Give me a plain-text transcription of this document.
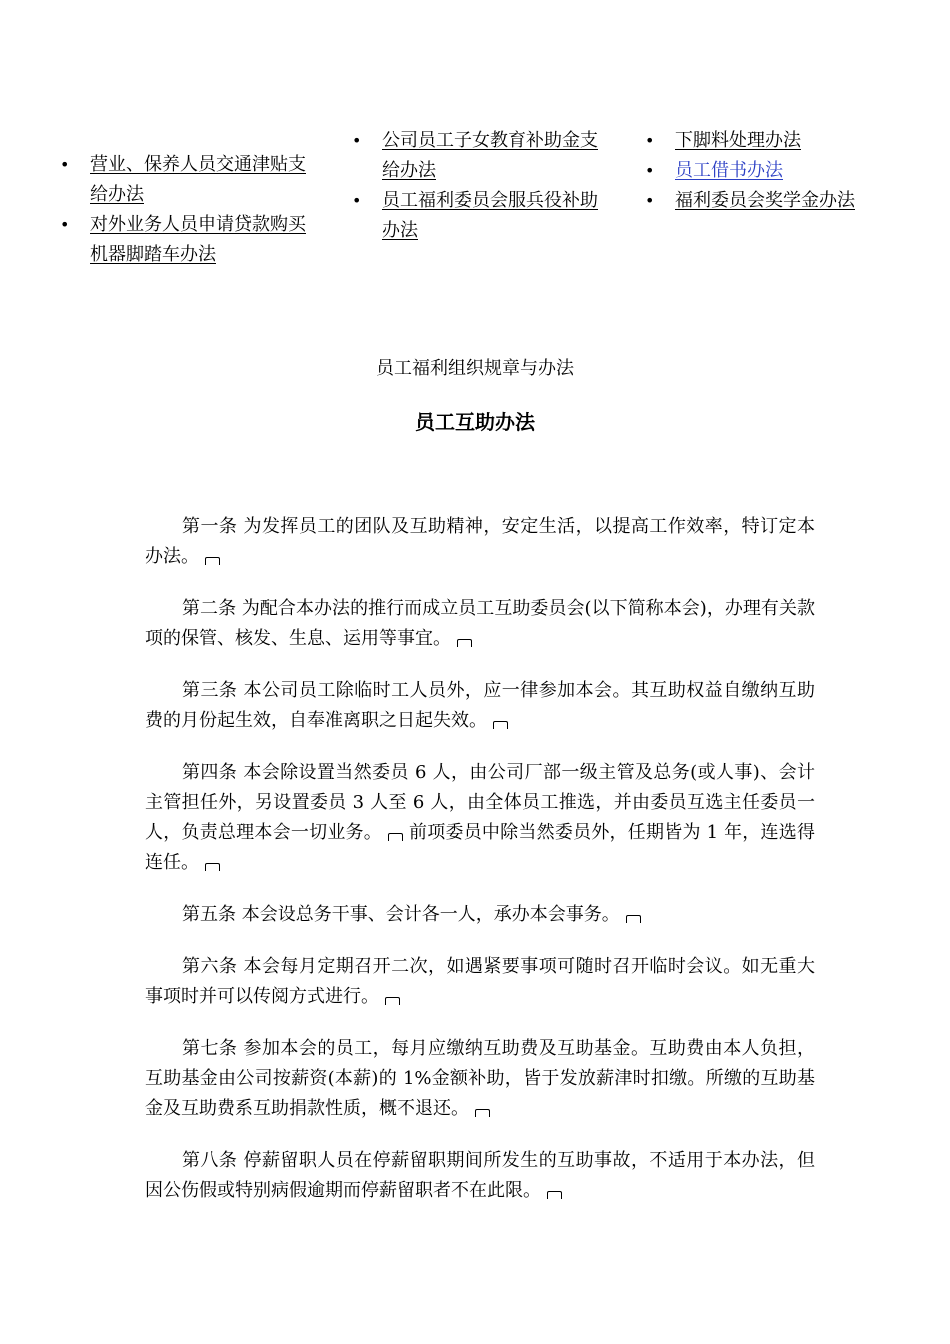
• 营业、保养人员交通津贴支给办法
• 对外业务人员申请贷款购买机器脚踏车办法
• 公司员工子女教育补助金支给办法
• 员工福利委员会服兵役补助办法
• 下脚料处理办法
• 员工借书办法
• 福利委员会奖学金办法
员工福利组织规章与办法
员工互助办法

第一条 为发挥员工的团队及互助精神，安定生活，以提高工作效率，特订定本办法。

第二条 为配合本办法的推行而成立员工互助委员会(以下简称本会)，办理有关款项的保管、核发、生息、运用等事宜。

第三条 本公司员工除临时工人员外，应一律参加本会。其互助权益自缴纳互助费的月份起生效，自奉准离职之日起失效。

第四条 本会除设置当然委员 6 人，由公司厂部一级主管及总务(或人事)、会计主管担任外，另设置委员 3 人至 6 人，由全体员工推选，并由委员互选主任委员一人，负责总理本会一切业务。 前项委员中除当然委员外，任期皆为 1 年，连选得连任。

第五条 本会设总务干事、会计各一人，承办本会事务。

第六条 本会每月定期召开二次，如遇紧要事项可随时召开临时会议。如无重大事项时并可以传阅方式进行。

第七条 参加本会的员工，每月应缴纳互助费及互助基金。互助费由本人负担，互助基金由公司按薪资(本薪)的 1%金额补助，皆于发放薪津时扣缴。所缴的互助基金及互助费系互助捐款性质，概不退还。

第八条 停薪留职人员在停薪留职期间所发生的互助事故，不适用于本办法，但因公伤假或特别病假逾期而停薪留职者不在此限。
